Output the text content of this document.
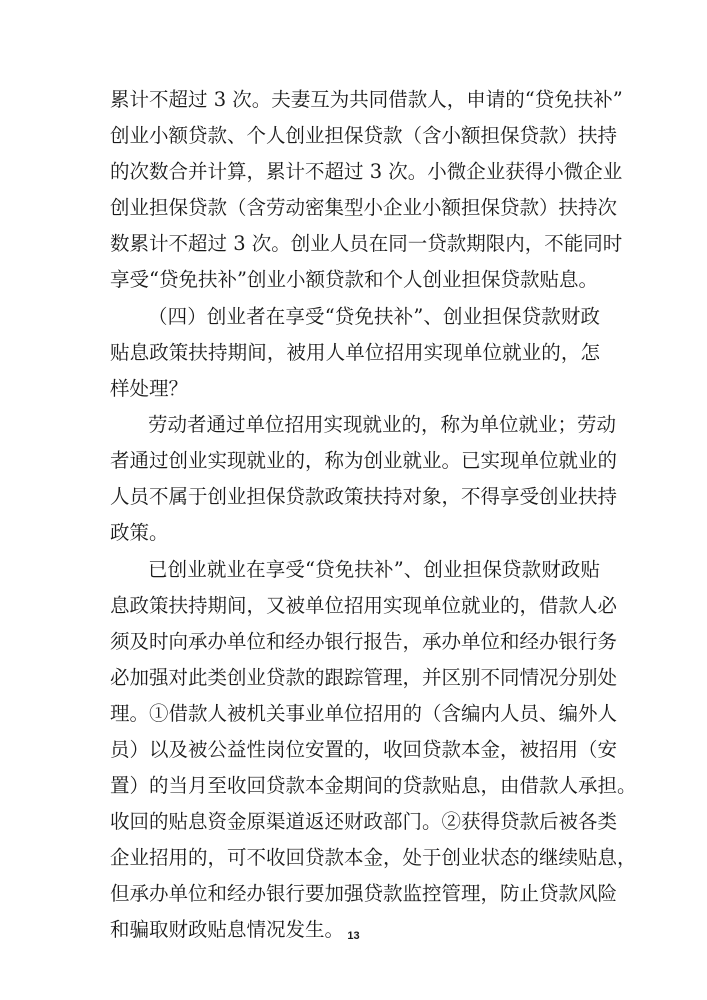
累计不超过 3 次。夫妻互为共同借款人，申请的“贷免扶补”
创业小额贷款、个人创业担保贷款（含小额担保贷款）扶持
的次数合并计算，累计不超过 3 次。小微企业获得小微企业
创业担保贷款（含劳动密集型小企业小额担保贷款）扶持次
数累计不超过 3 次。创业人员在同一贷款期限内，不能同时
享受“贷免扶补”创业小额贷款和个人创业担保贷款贴息。
（四）创业者在享受“贷免扶补”、创业担保贷款财政
贴息政策扶持期间，被用人单位招用实现单位就业的，怎
样处理？
劳动者通过单位招用实现就业的，称为单位就业；劳动
者通过创业实现就业的，称为创业就业。已实现单位就业的
人员不属于创业担保贷款政策扶持对象，不得享受创业扶持
政策。
已创业就业在享受“贷免扶补”、创业担保贷款财政贴
息政策扶持期间，又被单位招用实现单位就业的，借款人必
须及时向承办单位和经办银行报告，承办单位和经办银行务
必加强对此类创业贷款的跟踪管理，并区别不同情况分别处
理。①借款人被机关事业单位招用的（含编内人员、编外人
员）以及被公益性岗位安置的，收回贷款本金，被招用（安
置）的当月至收回贷款本金期间的贷款贴息，由借款人承担。
收回的贴息资金原渠道返还财政部门。②获得贷款后被各类
企业招用的，可不收回贷款本金，处于创业状态的继续贴息，
但承办单位和经办银行要加强贷款监控管理，防止贷款风险
和骗取财政贴息情况发生。 13
